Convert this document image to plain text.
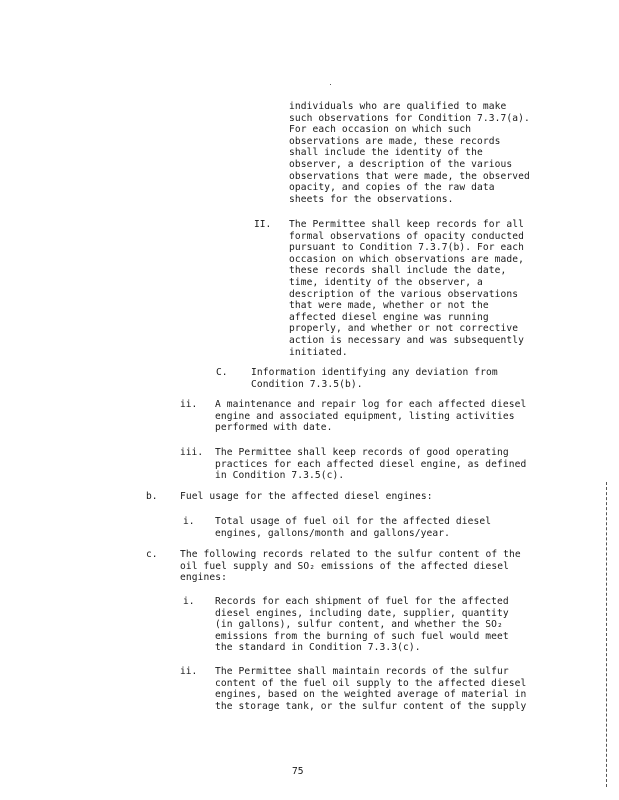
individuals who are qualified to make
such observations for Condition 7.3.7(a).
For each occasion on which such
observations are made, these records
shall include the identity of the
observer, a description of the various
observations that were made, the observed
opacity, and copies of the raw data
sheets for the observations.

II. The Permittee shall keep records for all
formal observations of opacity conducted
pursuant to Condition 7.3.7(b). For each
occasion on which observations are made,
these records shall include the date,
time, identity of the observer, a
description of the various observations
that were made, whether or not the
affected diesel engine was running
properly, and whether or not corrective
action is necessary and was subsequently
initiated.

C. Information identifying any deviation from
Condition 7.3.5(b).

ii. A maintenance and repair log for each affected diesel
engine and associated equipment, listing activities
performed with date.

iii. The Permittee shall keep records of good operating
practices for each affected diesel engine, as defined
in Condition 7.3.5(c).

b. Fuel usage for the affected diesel engines:

i. Total usage of fuel oil for the affected diesel
engines, gallons/month and gallons/year.

c. The following records related to the sulfur content of the
oil fuel supply and SO₂ emissions of the affected diesel
engines:

i. Records for each shipment of fuel for the affected
diesel engines, including date, supplier, quantity
(in gallons), sulfur content, and whether the SO₂
emissions from the burning of such fuel would meet
the standard in Condition 7.3.3(c).

ii. The Permittee shall maintain records of the sulfur
content of the fuel oil supply to the affected diesel
engines, based on the weighted average of material in
the storage tank, or the sulfur content of the supply

75
